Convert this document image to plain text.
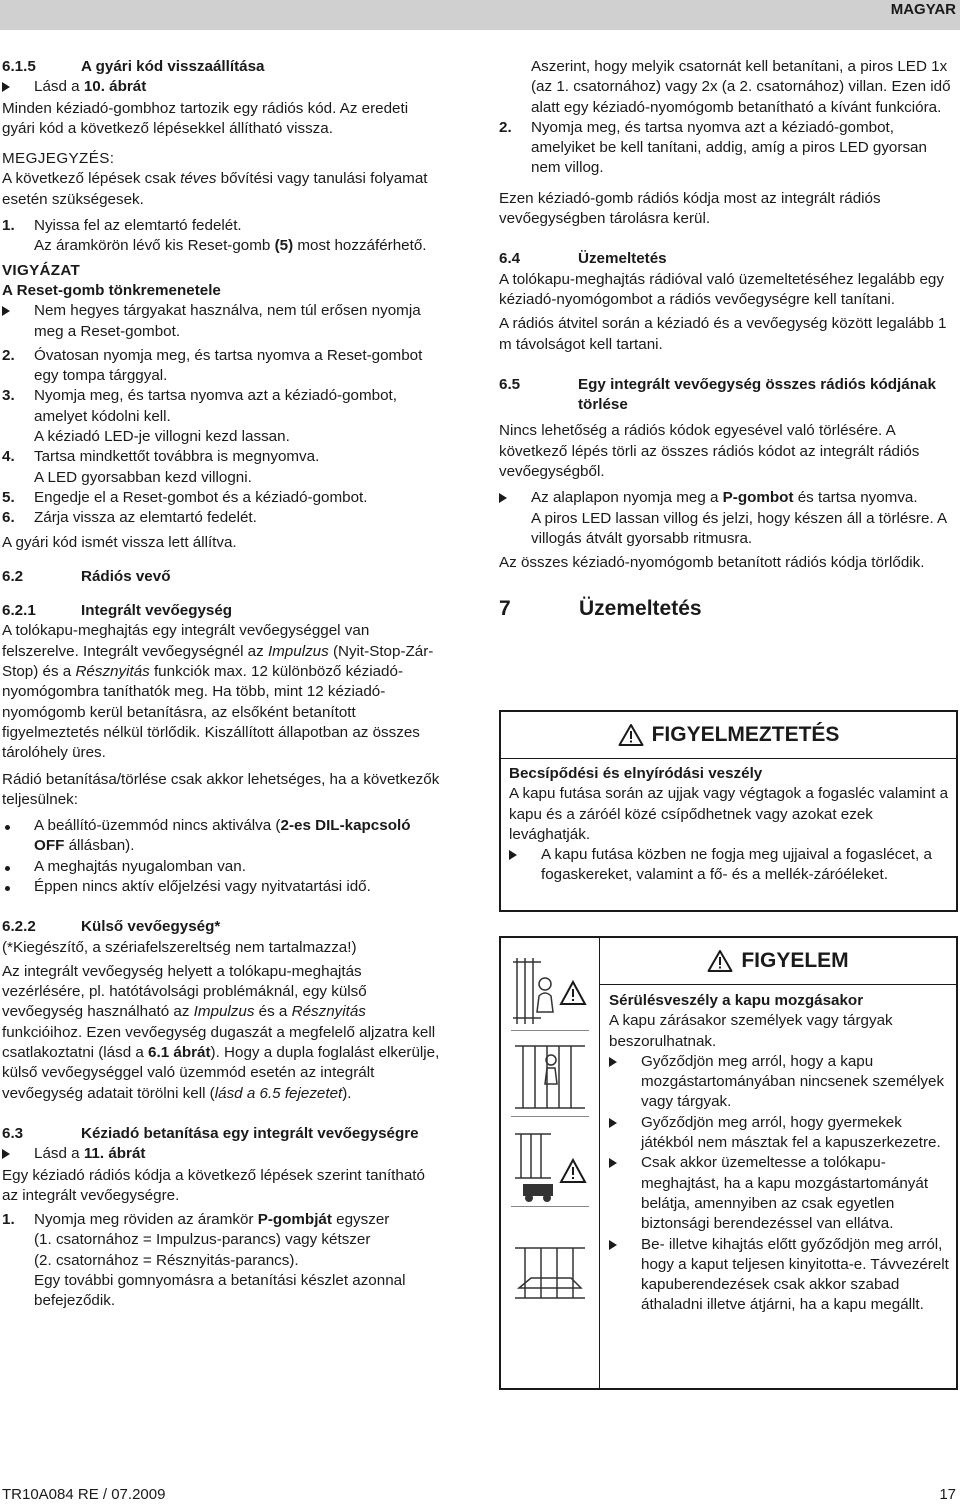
MAGYAR
6.1.5	A gyári kód visszaállítása
Lásd a 10. ábrát

Minden kéziadó-gombhoz tartozik egy rádiós kód. Az eredeti gyári kód a következő lépésekkel állítható vissza.

MEGJEGYZÉS:

A következő lépések csak téves bővítési vagy tanulási folyamat esetén szükségesek.

1.	Nyissa fel az elemtartó fedelét.
Az áramkörön lévő kis Reset-gomb (5) most hozzáférhető.

VIGYÁZAT

A Reset-gomb tönkremenetele

Nem hegyes tárgyakat használva, nem túl erősen nyomja meg a Reset-gombot.
2.	Óvatosan nyomja meg, és tartsa nyomva a Reset-gombot egy tompa tárggyal.
3.	Nyomja meg, és tartsa nyomva azt a kéziadó-gombot, amelyet kódolni kell.
A kéziadó LED-je villogni kezd lassan.
4.	Tartsa mindkettőt továbbra is megnyomva.
A LED gyorsabban kezd villogni.
5.	Engedje el a Reset-gombot és a kéziadó-gombot.
6.	Zárja vissza az elemtartó fedelét.

A gyári kód ismét vissza lett állítva.

6.2	Rádiós vevő
6.2.1	Integrált vevőegység

A tolókapu-meghajtás egy integrált vevőegységgel van felszerelve. Integrált vevőegységnél az Impulzus (Nyit-Stop-Zár-Stop) és a Résznyitás funkciók max. 12 különböző kéziadó-nyomógombra taníthatók meg. Ha több, mint 12 kéziadó-nyomógomb kerül betanításra, az elsőként betanított figyelmeztetés nélkül törlődik. Kiszállított állapotban az összes tárolóhely üres.

Rádió betanítása/törlése csak akkor lehetséges, ha a következők teljesülnek:

A beállító-üzemmód nincs aktiválva (2-es DIL-kapcsoló OFF állásban).
A meghajtás nyugalomban van.
Éppen nincs aktív előjelzési vagy nyitvatartási idő.
6.2.2	Külső vevőegység*

(*Kiegészítő, a szériafelszereltség nem tartalmazza!)

Az integrált vevőegység helyett a tolókapu-meghajtás vezérlésére, pl. hatótávolsági problémáknál, egy külső vevőegység használható az Impulzus és a Résznyitás funkcióihoz. Ezen vevőegység dugaszát a megfelelő aljzatra kell csatlakoztatni (lásd a 6.1 ábrát). Hogy a dupla foglalást elkerülje, külső vevőegységgel való üzemmód esetén az integrált vevőegység adatait törölni kell (lásd a 6.5 fejezetet).

6.3	Kéziadó betanítása egy integrált vevőegységre
Lásd a 11. ábrát

Egy kéziadó rádiós kódja a következő lépések szerint tanítható az integrált vevőegységre.

1.	Nyomja meg röviden az áramkör P-gombját egyszer
(1. csatornához = Impulzus-parancs) vagy kétszer
(2. csatornához = Résznyitás-parancs).
Egy további gomnyomásra a betanítási készlet azonnal befejeződik.

Aszerint, hogy melyik csatornát kell betanítani, a piros LED 1x (az 1. csatornához) vagy 2x (a 2. csatornához) villan. Ezen idő alatt egy kéziadó-nyomógomb betanítható a kívánt funkcióra.

2.	Nyomja meg, és tartsa nyomva azt a kéziadó-gombot, amelyiket be kell tanítani, addig, amíg a piros LED gyorsan nem villog.

Ezen kéziadó-gomb rádiós kódja most az integrált rádiós vevőegységben tárolásra kerül.

6.4	Üzemeltetés

A tolókapu-meghajtás rádióval való üzemeltetéséhez legalább egy kéziadó-nyomógombot a rádiós vevőegységre kell tanítani.

A rádiós átvitel során a kéziadó és a vevőegység között legalább 1 m távolságot kell tartani.

6.5	Egy integrált vevőegység összes rádiós kódjának törlése

Nincs lehetőség a rádiós kódok egyesével való törlésére. A következő lépés törli az összes rádiós kódot az integrált rádiós vevőegységből.

Az alaplapon nyomja meg a P-gombot és tartsa nyomva.
A piros LED lassan villog és jelzi, hogy készen áll a törlésre. A villogás átvált gyorsabb ritmusra.

Az összes kéziadó-nyomógomb betanított rádiós kódja törlődik.

7	Üzemeltetés
FIGYELMEZTETÉS

Becsípődési és elnyíródási veszély

A kapu futása során az ujjak vagy végtagok a fogasléc valamint a kapu és a záróél közé csípődhetnek vagy azokat ezek levághatják.

A kapu futása közben ne fogja meg ujjaival a fogaslécet, a fogaskereket, valamint a fő- és a mellék-záróéleket.
FIGYELEM

Sérülésveszély a kapu mozgásakor

A kapu zárásakor személyek vagy tárgyak beszorulhatnak.

Győződjön meg arról, hogy a kapu mozgástartományában nincsenek személyek vagy tárgyak.
Győződjön meg arról, hogy gyermekek játékból nem másztak fel a kapuszerkezetre.
Csak akkor üzemeltesse a tolókapu-meghajtást, ha a kapu mozgástartományát belátja, amennyiben az csak egyetlen biztonsági berendezéssel van ellátva.
Be- illetve kihajtás előtt győződjön meg arról, hogy a kaput teljesen kinyitotta-e. Távvezérelt kapuberendezések csak akkor szabad áthaladni illetve átjárni, ha a kapu megállt.
TR10A084 RE / 07.2009	17
